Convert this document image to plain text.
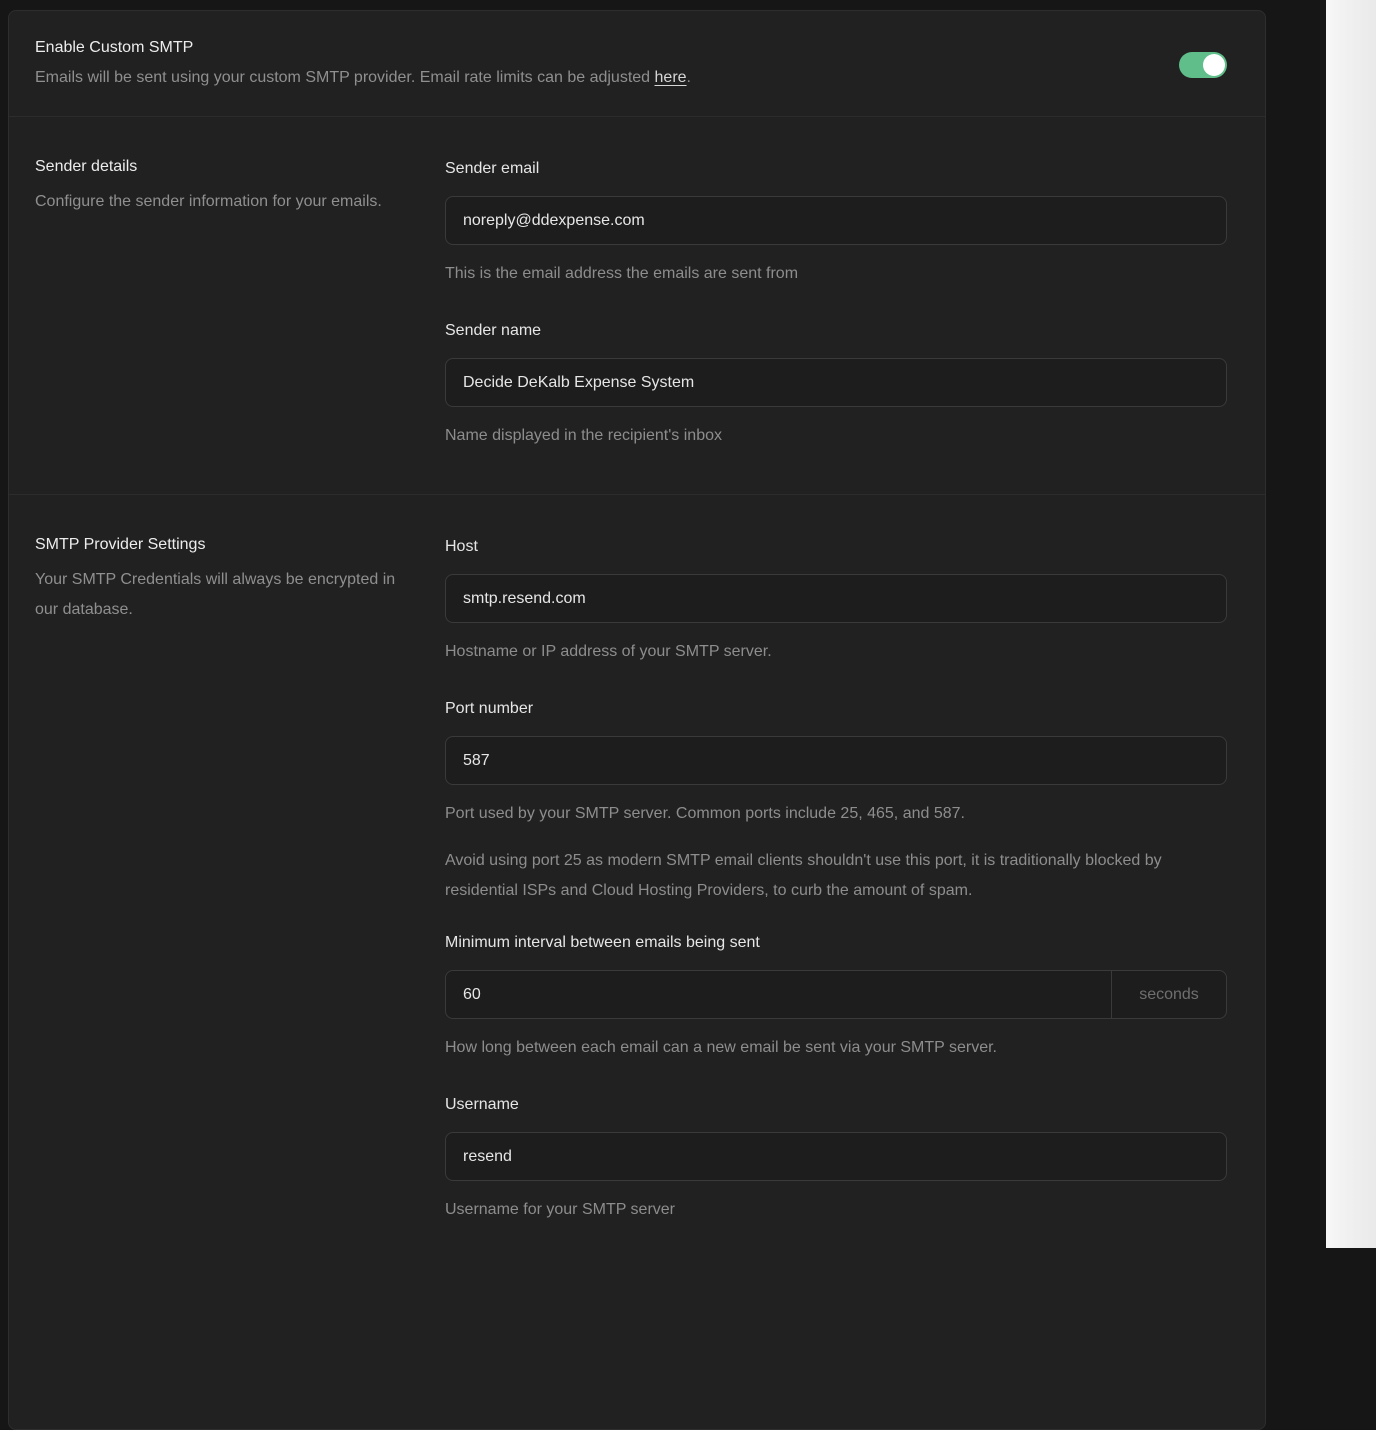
Enable Custom SMTP
Emails will be sent using your custom SMTP provider. Email rate limits can be adjusted here.
Sender details
Configure the sender information for your emails.
Sender email
noreply@ddexpense.com
This is the email address the emails are sent from
Sender name
Decide DeKalb Expense System
Name displayed in the recipient's inbox
SMTP Provider Settings
Your SMTP Credentials will always be encrypted in our database.
Host
smtp.resend.com
Hostname or IP address of your SMTP server.
Port number
587
Port used by your SMTP server. Common ports include 25, 465, and 587.
Avoid using port 25 as modern SMTP email clients shouldn't use this port, it is traditionally blocked by residential ISPs and Cloud Hosting Providers, to curb the amount of spam.
Minimum interval between emails being sent
60
seconds
How long between each email can a new email be sent via your SMTP server.
Username
resend
Username for your SMTP server
